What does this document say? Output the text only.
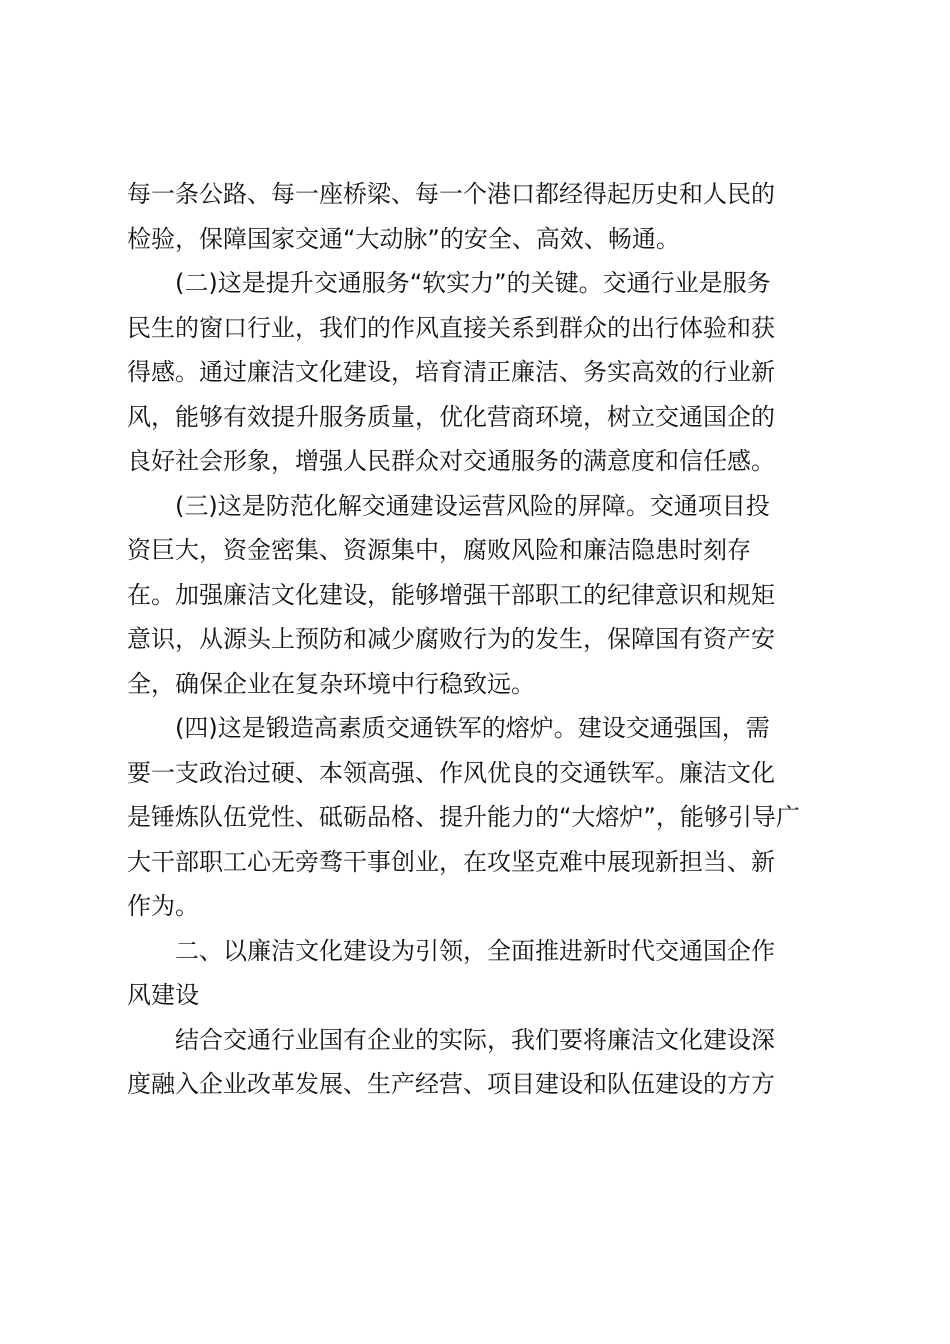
每一条公路、每一座桥梁、每一个港口都经得起历史和人民的
检验，保障国家交通“大动脉”的安全、高效、畅通。
(二)这是提升交通服务“软实力”的关键。交通行业是服务
民生的窗口行业，我们的作风直接关系到群众的出行体验和获
得感。通过廉洁文化建设，培育清正廉洁、务实高效的行业新
风，能够有效提升服务质量，优化营商环境，树立交通国企的
良好社会形象，增强人民群众对交通服务的满意度和信任感。
(三)这是防范化解交通建设运营风险的屏障。交通项目投
资巨大，资金密集、资源集中，腐败风险和廉洁隐患时刻存
在。加强廉洁文化建设，能够增强干部职工的纪律意识和规矩
意识，从源头上预防和减少腐败行为的发生，保障国有资产安
全，确保企业在复杂环境中行稳致远。
(四)这是锻造高素质交通铁军的熔炉。建设交通强国，需
要一支政治过硬、本领高强、作风优良的交通铁军。廉洁文化
是锤炼队伍党性、砥砺品格、提升能力的“大熔炉”，能够引导广
大干部职工心无旁骛干事创业，在攻坚克难中展现新担当、新
作为。
二、以廉洁文化建设为引领，全面推进新时代交通国企作
风建设
结合交通行业国有企业的实际，我们要将廉洁文化建设深
度融入企业改革发展、生产经营、项目建设和队伍建设的方方
